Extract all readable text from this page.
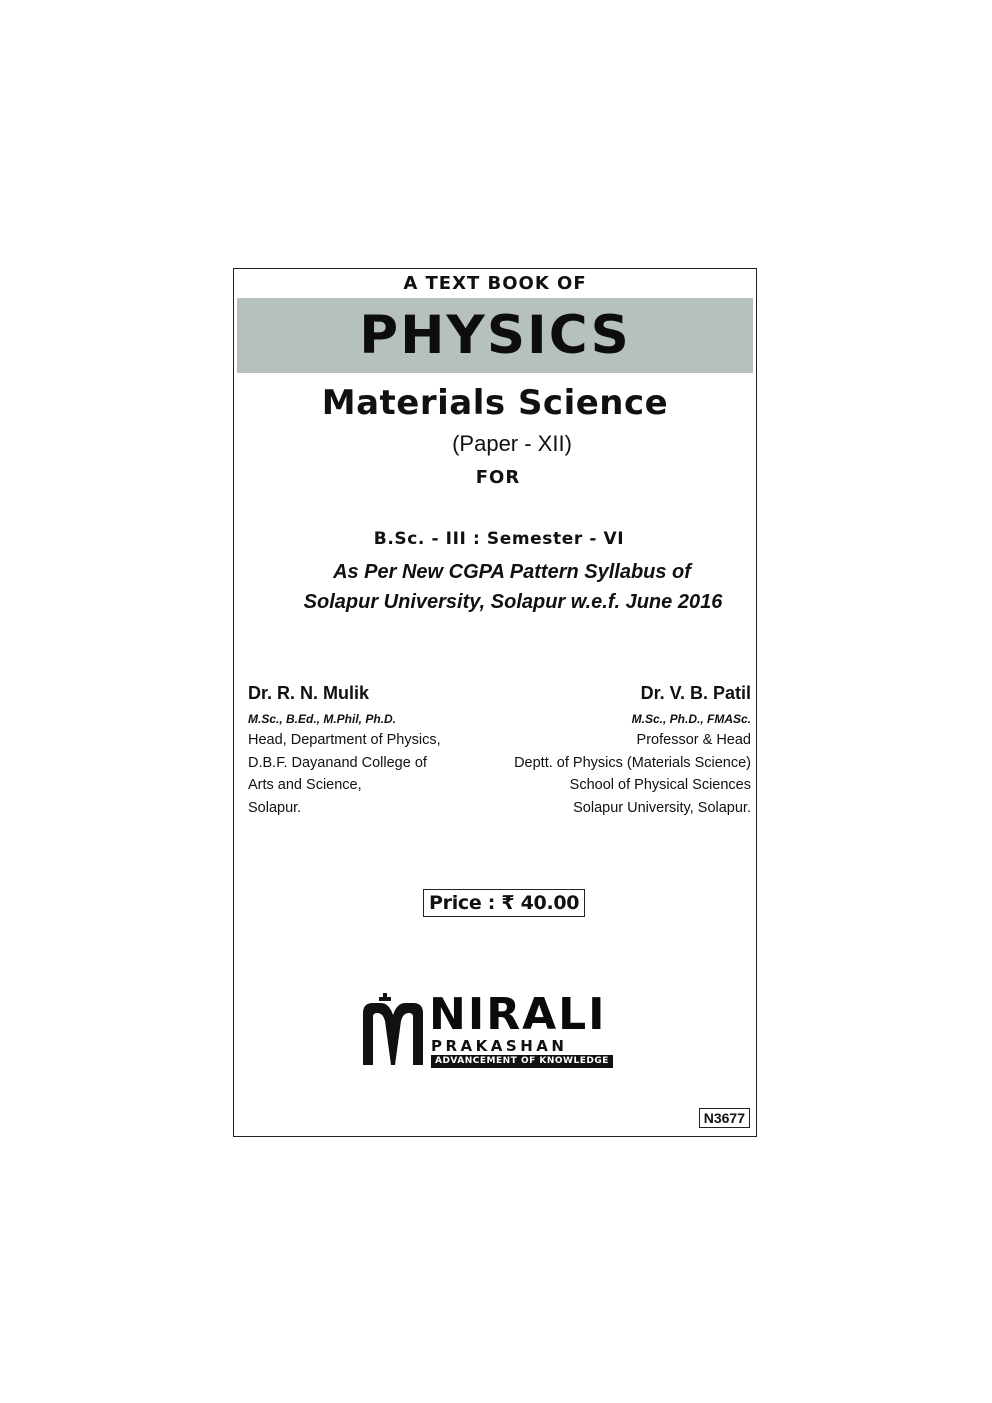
A TEXT BOOK OF
PHYSICS
Materials Science
(Paper - XII)
FOR
B.Sc. - III : Semester - VI
As Per New CGPA Pattern Syllabus of
Solapur University, Solapur w.e.f. June 2016
Dr. R. N. Mulik
M.Sc., B.Ed., M.Phil, Ph.D.
Head, Department of Physics,
D.B.F. Dayanand College of
Arts and Science,
Solapur.
Dr. V. B. Patil
M.Sc., Ph.D., FMASc.
Professor & Head
Deptt. of Physics (Materials Science)
School of Physical Sciences
Solapur University, Solapur.
Price : ₹ 40.00
NIRALI
PRAKASHAN
ADVANCEMENT OF KNOWLEDGE
N3677
